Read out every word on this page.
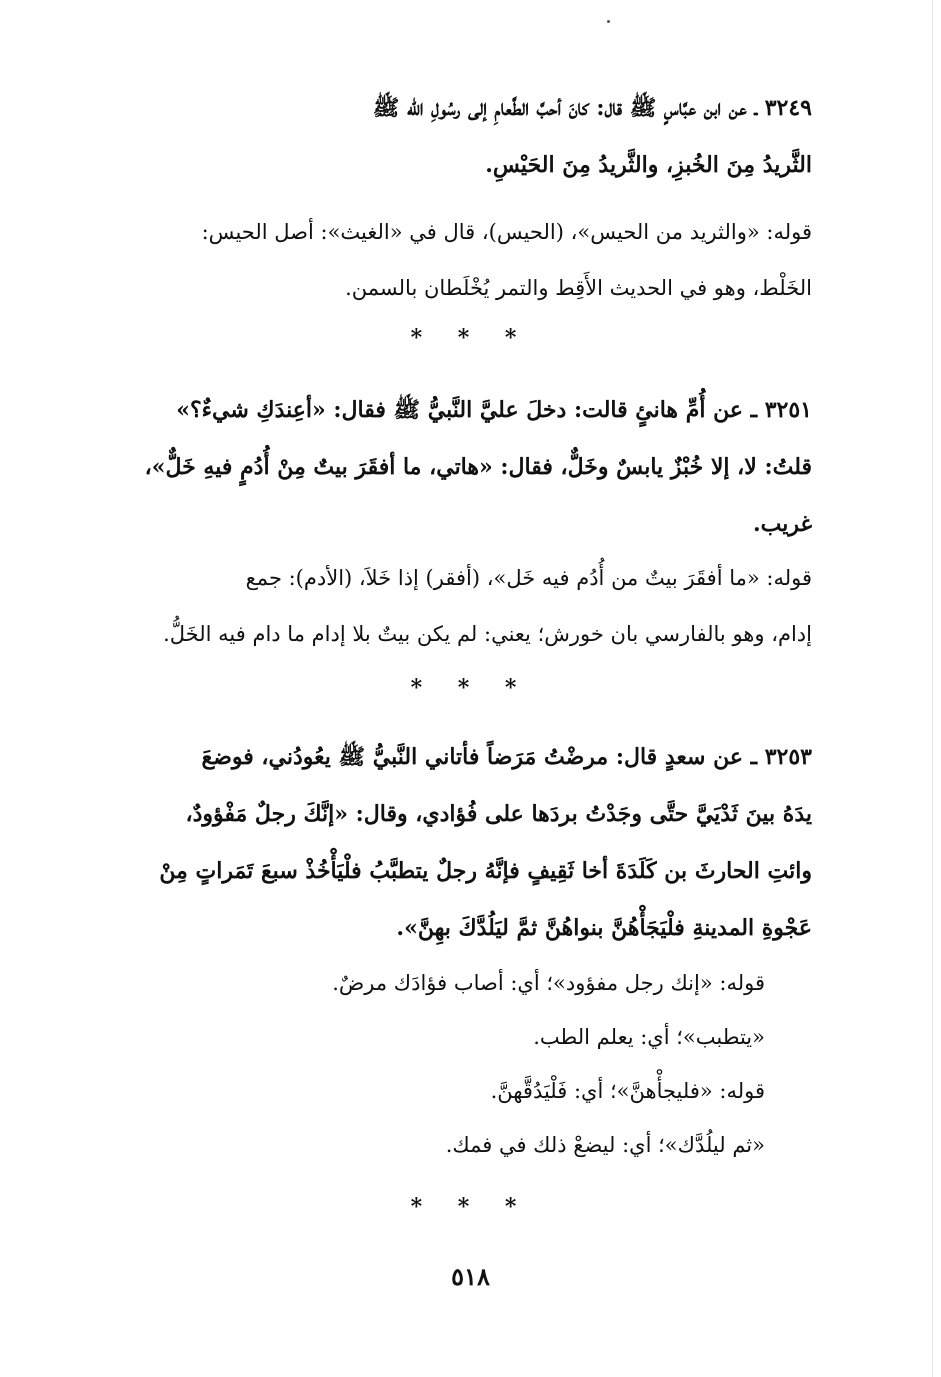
٣٢٤٩ ـ عن ابن عبَّاسٍ ﷺ قال: كانَ أحبَّ الطَّعامِ إلى رسُولِ الله ﷺ
الثَّريدُ مِنَ الخُبزِ، والثَّريدُ مِنَ الحَيْسِ.
قوله: «والثريد من الحيس»، (الحيس)، قال في «الغيث»: أصل الحيس:
الخَلْط، وهو في الحديث الأَقِط والتمر يُخْلَطان بالسمن.
* * *
٣٢٥١ ـ عن أُمِّ هانئٍ قالت: دخلَ عليَّ النَّبيُّ ﷺ فقال: «أعِندَكِ شيءٌ؟»
قلتُ: لا، إلا خُبْزٌ يابسٌ وخَلٌّ، فقال: «هاتي، ما أفقَرَ بيتٌ مِنْ أُدُمٍ فيهِ خَلٌّ»،
غريب.
قوله: «ما أفقَرَ بيتٌ من أُدُم فيه خَل»، (أفقر) إذا خَلاَ، (الأدم): جمع
إدام، وهو بالفارسي بان خورش؛ يعني: لم يكن بيتٌ بلا إدام ما دام فيه الخَلُّ.
* * *
٣٢٥٣ ـ عن سعدٍ قال: مرضْتُ مَرَضاً فأتاني النَّبيُّ ﷺ يعُودُني، فوضعَ
يدَهُ بينَ ثَدْيَيَّ حتَّى وجَدْتُ بردَها على فُؤادي، وقال: «إنَّكَ رجلٌ مَفْؤودٌ،
وائتِ الحارثَ بن كَلَدَةَ أخا ثَقِيفٍ فإنَّهُ رجلٌ يتطبَّبُ فلْيَأْخُذْ سبعَ تَمَراتٍ مِنْ
عَجْوةِ المدينةِ فلْيَجَأْهُنَّ بنواهُنَّ ثمَّ ليَلُدَّكَ بهِنَّ».
قوله: «إنك رجل مفؤود»؛ أي: أصاب فؤادَك مرضٌ.
«يتطبب»؛ أي: يعلم الطب.
قوله: «فليجأْهنَّ»؛ أي: فَلْيَدُقَّهنَّ.
«ثم ليلُدَّك»؛ أي: ليضعْ ذلك في فمك.
* * *
٥١٨
